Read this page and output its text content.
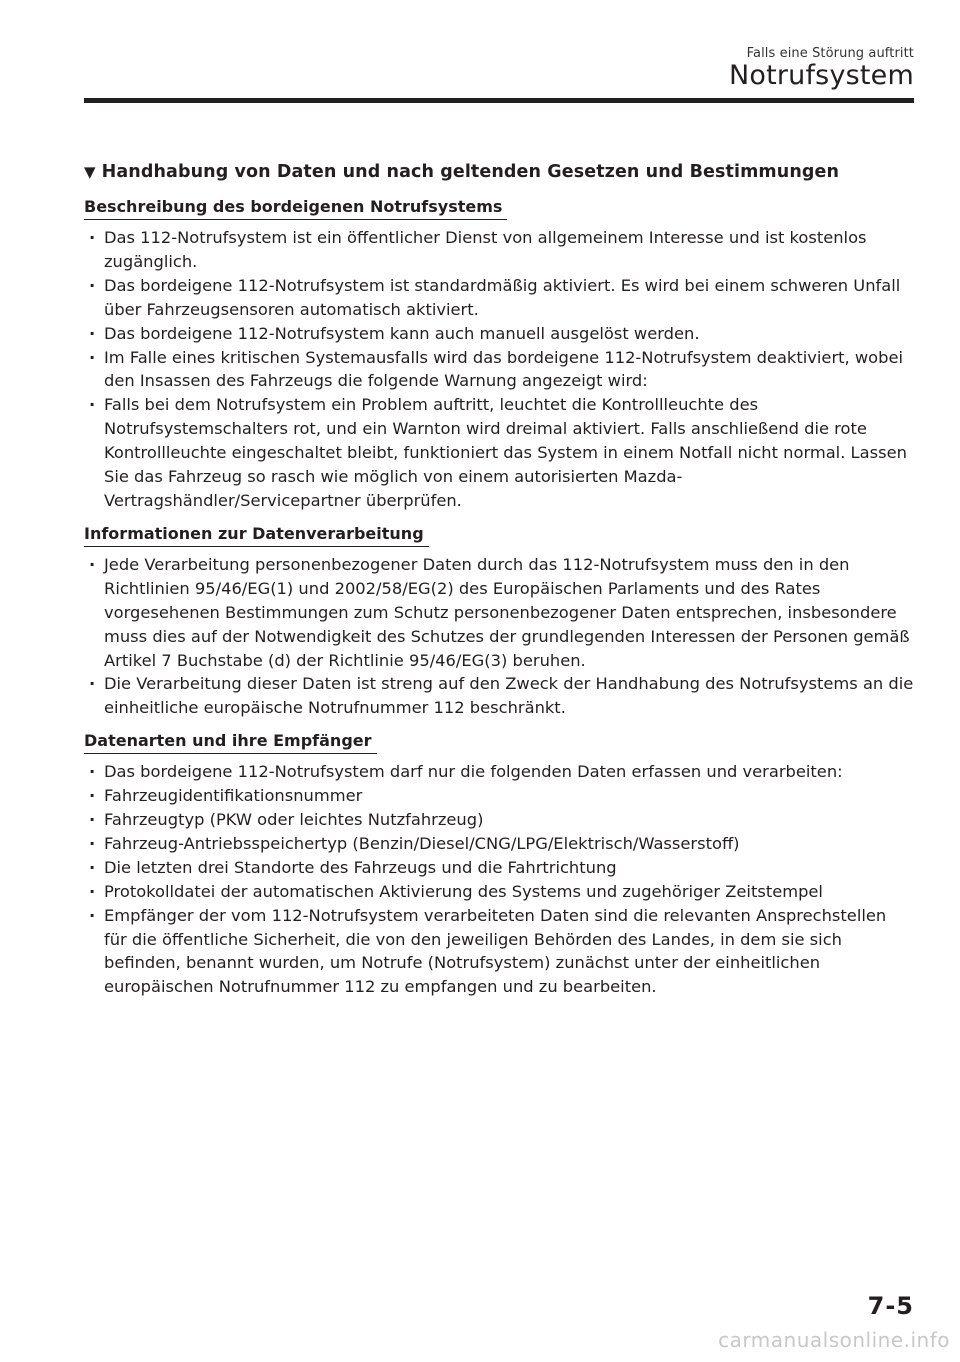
Falls eine Störung auftritt
Notrufsystem
▼ Handhabung von Daten und nach geltenden Gesetzen und Bestimmungen
Beschreibung des bordeigenen Notrufsystems
· Das 112-Notrufsystem ist ein öffentlicher Dienst von allgemeinem Interesse und ist kostenlos zugänglich.
· Das bordeigene 112-Notrufsystem ist standardmäßig aktiviert. Es wird bei einem schweren Unfall über Fahrzeugsensoren automatisch aktiviert.
· Das bordeigene 112-Notrufsystem kann auch manuell ausgelöst werden.
· Im Falle eines kritischen Systemausfalls wird das bordeigene 112-Notrufsystem deaktiviert, wobei den Insassen des Fahrzeugs die folgende Warnung angezeigt wird:
· Falls bei dem Notrufsystem ein Problem auftritt, leuchtet die Kontrollleuchte des Notrufsystemschalters rot, und ein Warnton wird dreimal aktiviert. Falls anschließend die rote Kontrollleuchte eingeschaltet bleibt, funktioniert das System in einem Notfall nicht normal. Lassen Sie das Fahrzeug so rasch wie möglich von einem autorisierten Mazda-Vertragshändler/Servicepartner überprüfen.
Informationen zur Datenverarbeitung
· Jede Verarbeitung personenbezogener Daten durch das 112-Notrufsystem muss den in den Richtlinien 95/46/EG(1) und 2002/58/EG(2) des Europäischen Parlaments und des Rates vorgesehenen Bestimmungen zum Schutz personenbezogener Daten entsprechen, insbesondere muss dies auf der Notwendigkeit des Schutzes der grundlegenden Interessen der Personen gemäß Artikel 7 Buchstabe (d) der Richtlinie 95/46/EG(3) beruhen.
· Die Verarbeitung dieser Daten ist streng auf den Zweck der Handhabung des Notrufsystems an die einheitliche europäische Notrufnummer 112 beschränkt.
Datenarten und ihre Empfänger
· Das bordeigene 112-Notrufsystem darf nur die folgenden Daten erfassen und verarbeiten:
· Fahrzeugidentifikationsnummer
· Fahrzeugtyp (PKW oder leichtes Nutzfahrzeug)
· Fahrzeug-Antriebsspeichertyp (Benzin/Diesel/CNG/LPG/Elektrisch/Wasserstoff)
· Die letzten drei Standorte des Fahrzeugs und die Fahrtrichtung
· Protokolldatei der automatischen Aktivierung des Systems und zugehöriger Zeitstempel
· Empfänger der vom 112-Notrufsystem verarbeiteten Daten sind die relevanten Ansprechstellen für die öffentliche Sicherheit, die von den jeweiligen Behörden des Landes, in dem sie sich befinden, benannt wurden, um Notrufe (Notrufsystem) zunächst unter der einheitlichen europäischen Notrufnummer 112 zu empfangen und zu bearbeiten.
7-5
carmanualsonline.info
